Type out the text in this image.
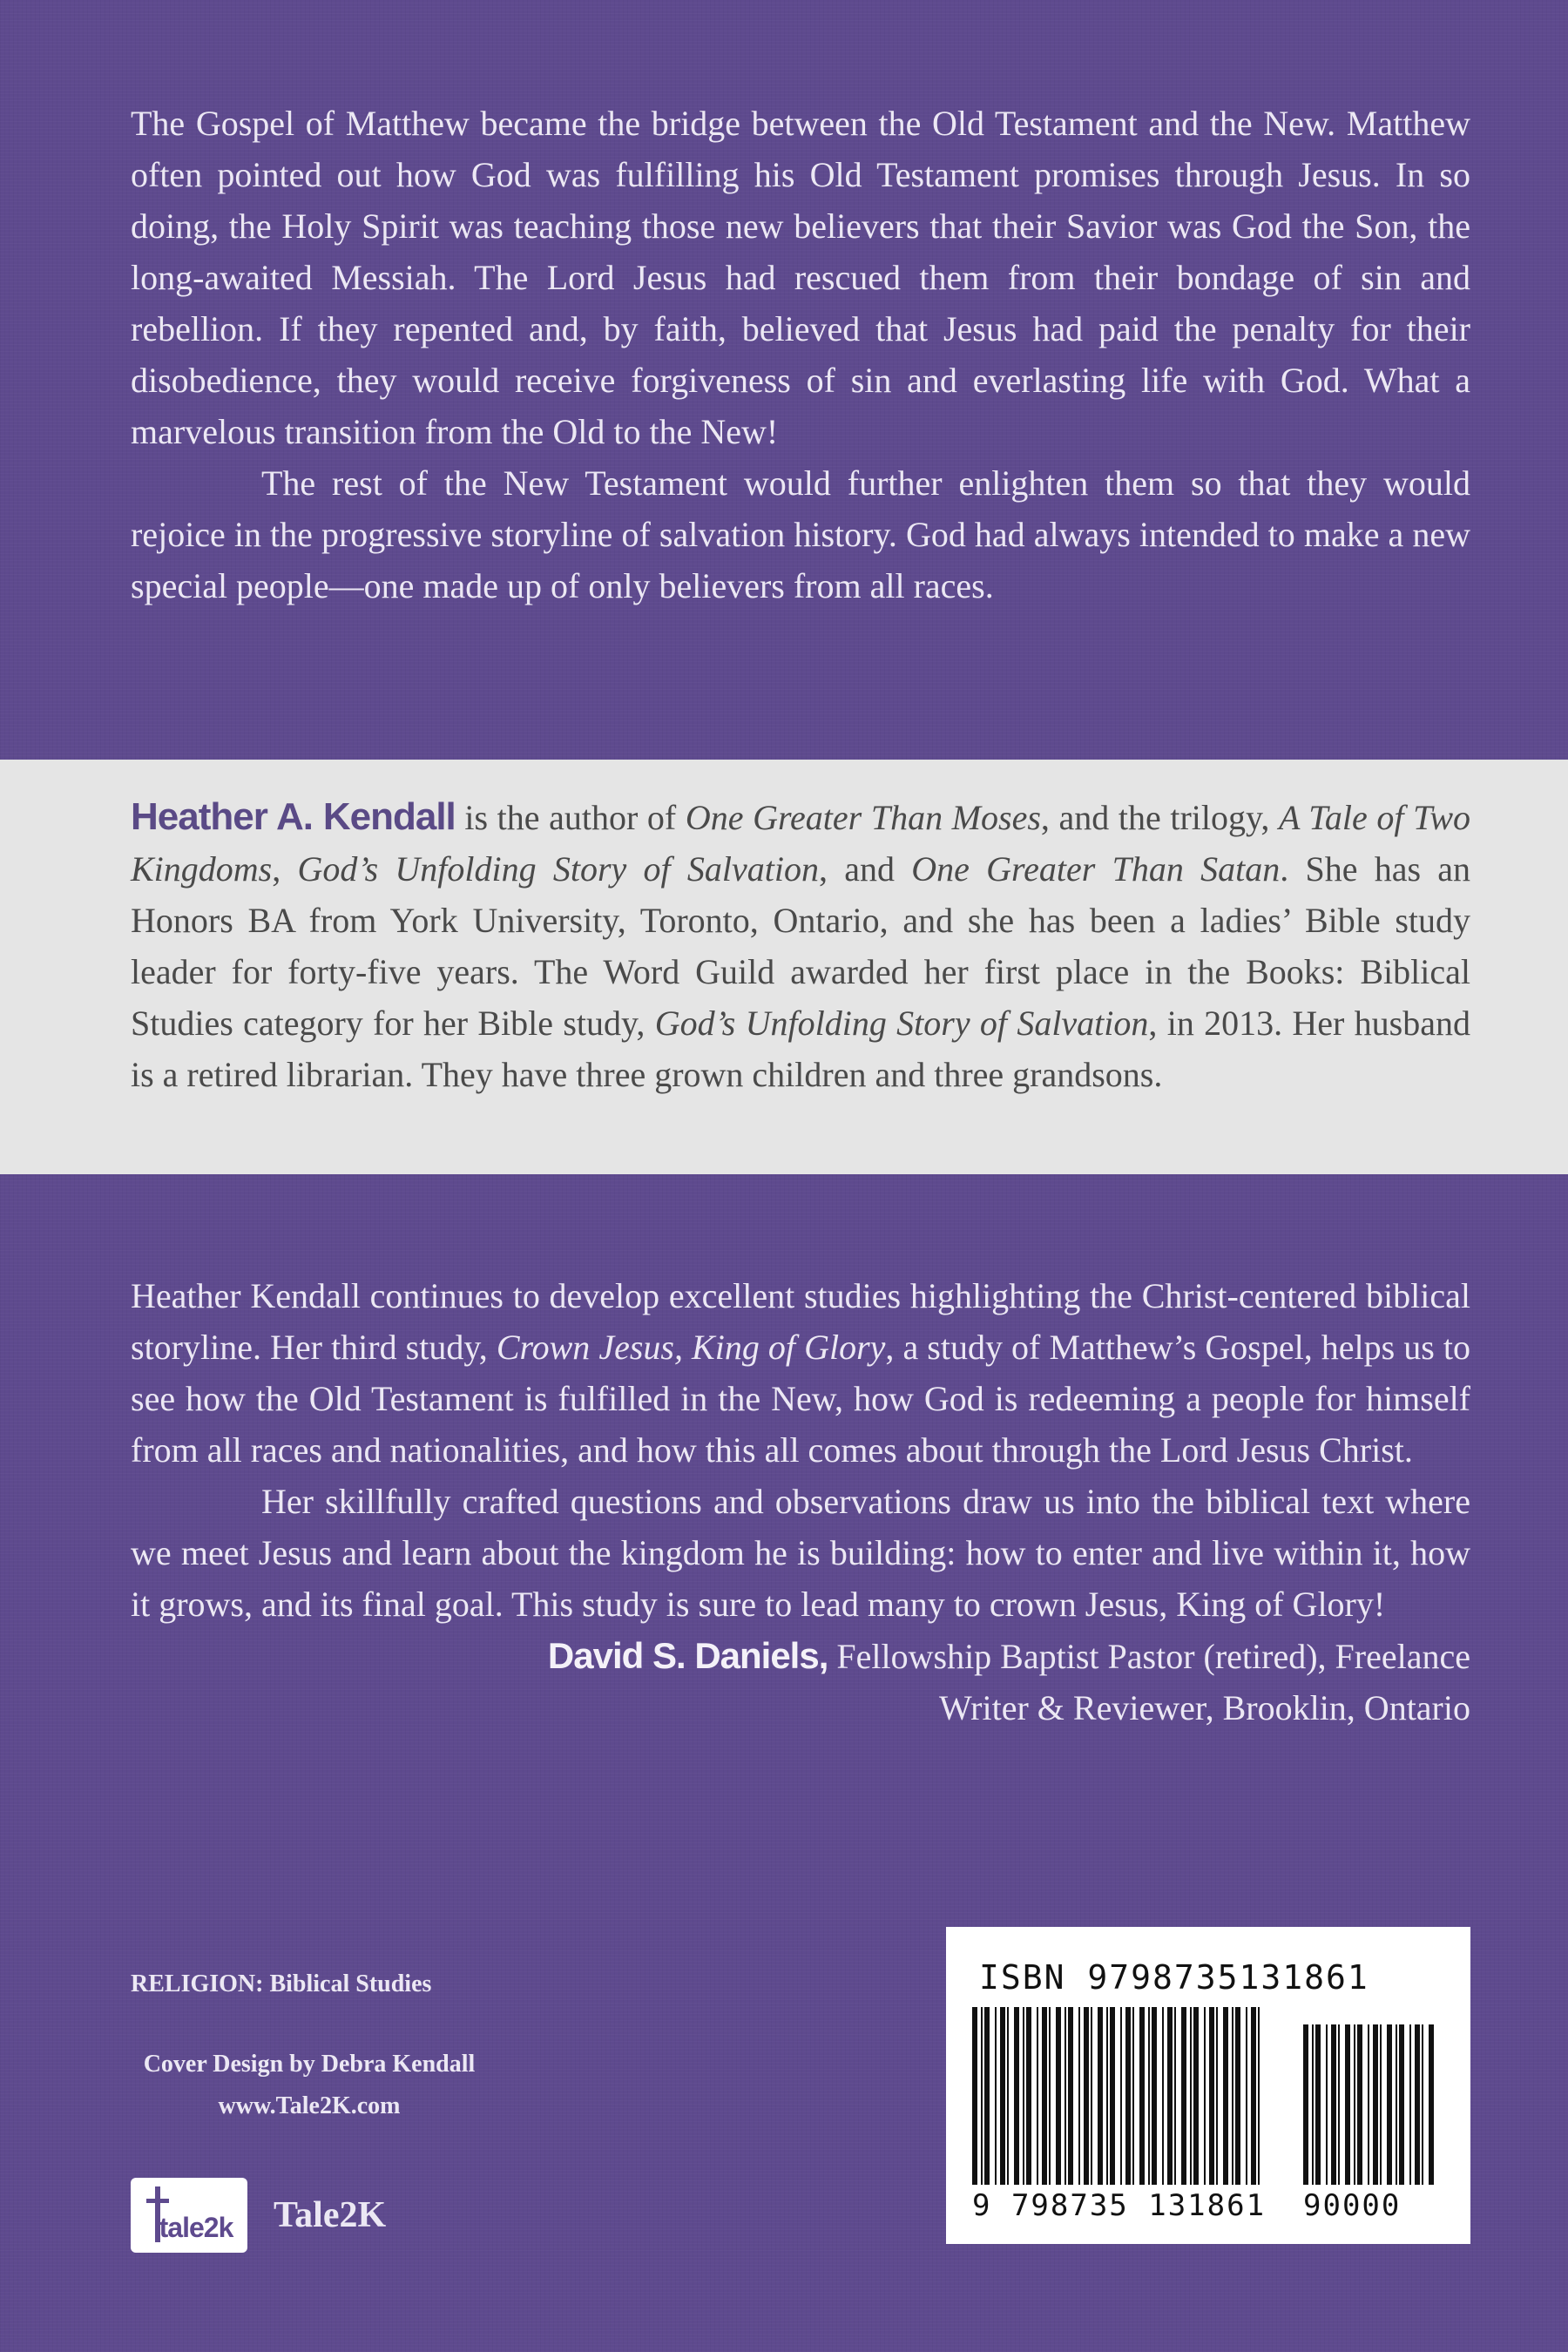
The Gospel of Matthew became the bridge between the Old Testament and the New. Matthew often pointed out how God was fulfilling his Old Testament promises through Jesus. In so doing, the Holy Spirit was teaching those new believers that their Savior was God the Son, the long-awaited Messiah. The Lord Jesus had rescued them from their bondage of sin and rebellion. If they repented and, by faith, believed that Jesus had paid the penalty for their disobedience, they would receive forgiveness of sin and everlasting life with God. What a marvelous transition from the Old to the New!

The rest of the New Testament would further enlighten them so that they would rejoice in the progressive storyline of salvation history. God had always intended to make a new special people—one made up of only believers from all races.

Heather A. Kendall is the author of One Greater Than Moses, and the trilogy, A Tale of Two Kingdoms, God’s Unfolding Story of Salvation, and One Greater Than Satan. She has an Honors BA from York University, Toronto, Ontario, and she has been a ladies’ Bible study leader for forty-five years. The Word Guild awarded her first place in the Books: Biblical Studies category for her Bible study, God’s Unfolding Story of Salvation, in 2013. Her husband is a retired librarian. They have three grown children and three grandsons.

Heather Kendall continues to develop excellent studies highlighting the Christ-centered biblical storyline. Her third study, Crown Jesus, King of Glory, a study of Matthew’s Gospel, helps us to see how the Old Testament is fulfilled in the New, how God is redeeming a people for himself from all races and nationalities, and how this all comes about through the Lord Jesus Christ.

Her skillfully crafted questions and observations draw us into the biblical text where we meet Jesus and learn about the kingdom he is building: how to enter and live within it, how it grows, and its final goal. This study is sure to lead many to crown Jesus, King of Glory!

David S. Daniels, Fellowship Baptist Pastor (retired), Freelance
Writer & Reviewer, Brooklin, Ontario
RELIGION: Biblical Studies
Cover Design by Debra Kendall
www.Tale2K.com
tale2k Tale2K
ISBN 9798735131861
9 798735 131861 90000
